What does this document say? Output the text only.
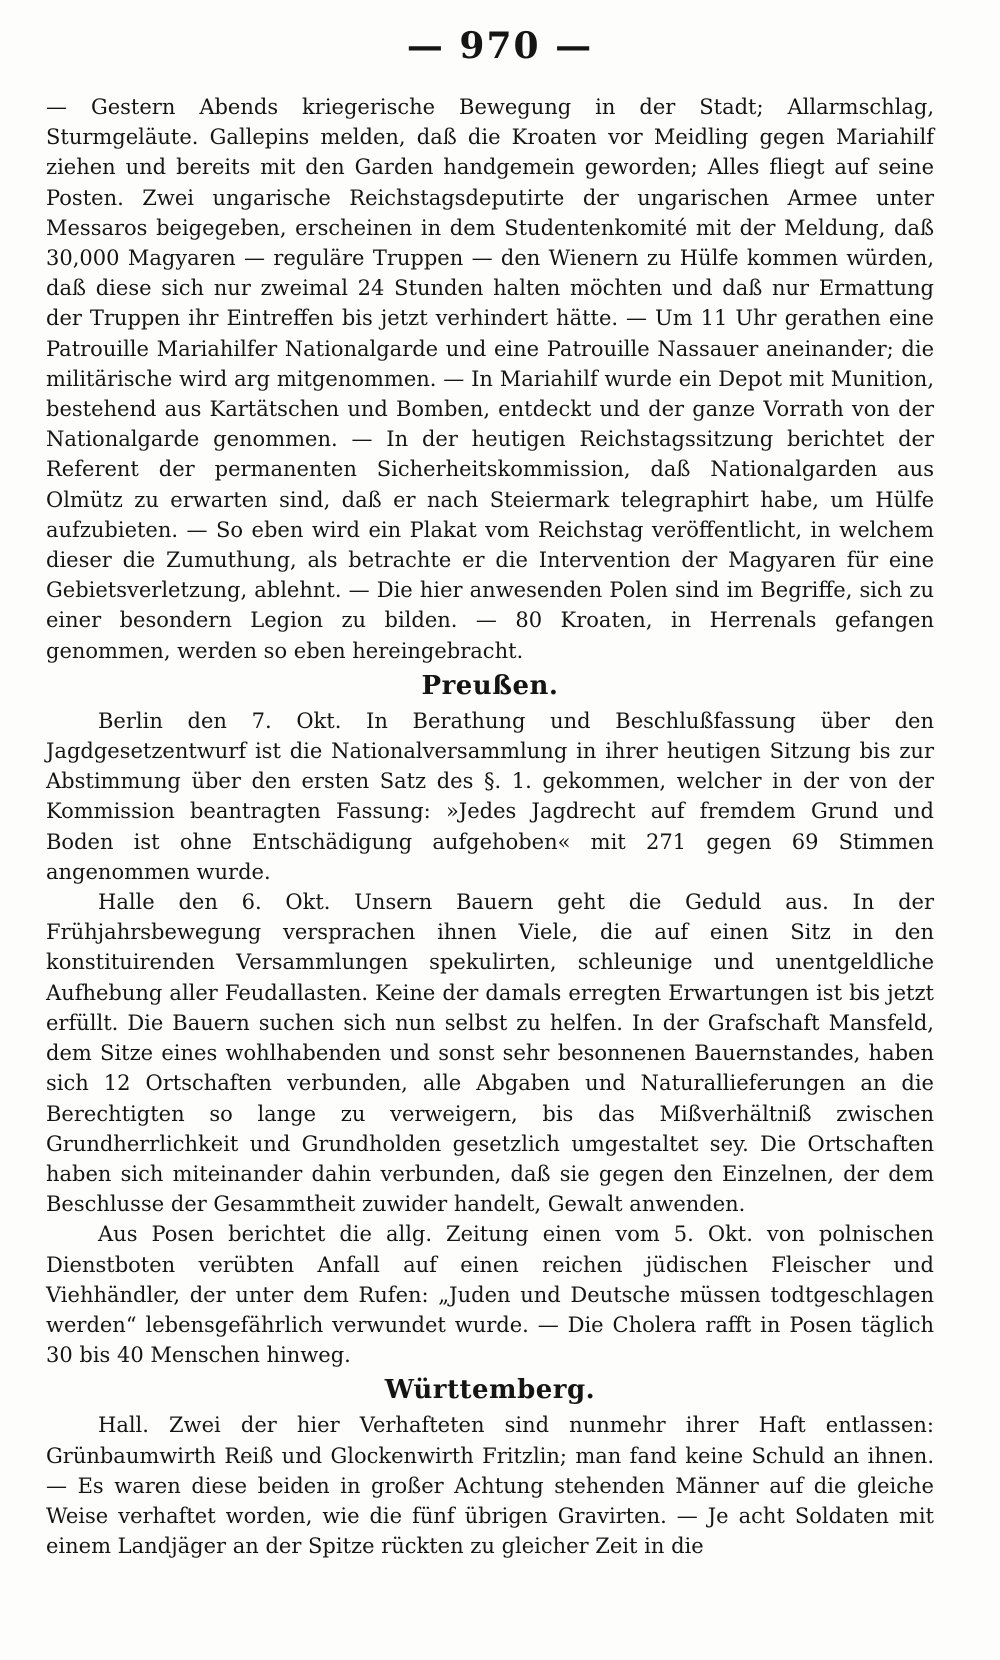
— 970 —

— Gestern Abends kriegerische Bewegung in der Stadt; Allarmschlag, Sturmgeläute. Gallepins melden, daß die Kroaten vor Meidling gegen Mariahilf ziehen und bereits mit den Garden handgemein geworden; Alles fliegt auf seine Posten. Zwei ungarische Reichstagsdeputirte der ungarischen Armee unter Messaros beigegeben, erscheinen in dem Studentenkomité mit der Meldung, daß 30,000 Magyaren — reguläre Truppen — den Wienern zu Hülfe kommen würden, daß diese sich nur zweimal 24 Stunden halten möchten und daß nur Ermattung der Truppen ihr Eintreffen bis jetzt verhindert hätte. — Um 11 Uhr gerathen eine Patrouille Mariahilfer Nationalgarde und eine Patrouille Nassauer aneinander; die militärische wird arg mitgenommen. — In Mariahilf wurde ein Depot mit Munition, bestehend aus Kartätschen und Bomben, entdeckt und der ganze Vorrath von der Nationalgarde genommen. — In der heutigen Reichstagssitzung berichtet der Referent der permanenten Sicherheitskommission, daß Nationalgarden aus Olmütz zu erwarten sind, daß er nach Steiermark telegraphirt habe, um Hülfe aufzubieten. — So eben wird ein Plakat vom Reichstag veröffentlicht, in welchem dieser die Zumuthung, als betrachte er die Intervention der Magyaren für eine Gebietsverletzung, ablehnt. — Die hier anwesenden Polen sind im Begriffe, sich zu einer besondern Legion zu bilden. — 80 Kroaten, in Herrenals gefangen genommen, werden so eben hereingebracht.

Preußen.

Berlin den 7. Okt. In Berathung und Beschlußfassung über den Jagdgesetzentwurf ist die Nationalversammlung in ihrer heutigen Sitzung bis zur Abstimmung über den ersten Satz des §. 1. gekommen, welcher in der von der Kommission beantragten Fassung: »Jedes Jagdrecht auf fremdem Grund und Boden ist ohne Entschädigung aufgehoben« mit 271 gegen 69 Stimmen angenommen wurde.

Halle den 6. Okt. Unsern Bauern geht die Geduld aus. In der Frühjahrsbewegung versprachen ihnen Viele, die auf einen Sitz in den konstituirenden Versammlungen spekulirten, schleunige und unentgeldliche Aufhebung aller Feudallasten. Keine der damals erregten Erwartungen ist bis jetzt erfüllt. Die Bauern suchen sich nun selbst zu helfen. In der Grafschaft Mansfeld, dem Sitze eines wohlhabenden und sonst sehr besonnenen Bauernstandes, haben sich 12 Ortschaften verbunden, alle Abgaben und Naturallieferungen an die Berechtigten so lange zu verweigern, bis das Mißverhältniß zwischen Grundherrlichkeit und Grundholden gesetzlich umgestaltet sey. Die Ortschaften haben sich miteinander dahin verbunden, daß sie gegen den Einzelnen, der dem Beschlusse der Gesammtheit zuwider handelt, Gewalt anwenden.

Aus Posen berichtet die allg. Zeitung einen vom 5. Okt. von polnischen Dienstboten verübten Anfall auf einen reichen jüdischen Fleischer und Viehhändler, der unter dem Rufen: „Juden und Deutsche müssen todtgeschlagen werden“ lebensgefährlich verwundet wurde. — Die Cholera rafft in Posen täglich 30 bis 40 Menschen hinweg.

Württemberg.

Hall. Zwei der hier Verhafteten sind nunmehr ihrer Haft entlassen: Grünbaumwirth Reiß und Glockenwirth Fritzlin; man fand keine Schuld an ihnen. — Es waren diese beiden in großer Achtung stehenden Männer auf die gleiche Weise verhaftet worden, wie die fünf übrigen Gravirten. — Je acht Soldaten mit einem Landjäger an der Spitze rückten zu gleicher Zeit in die
